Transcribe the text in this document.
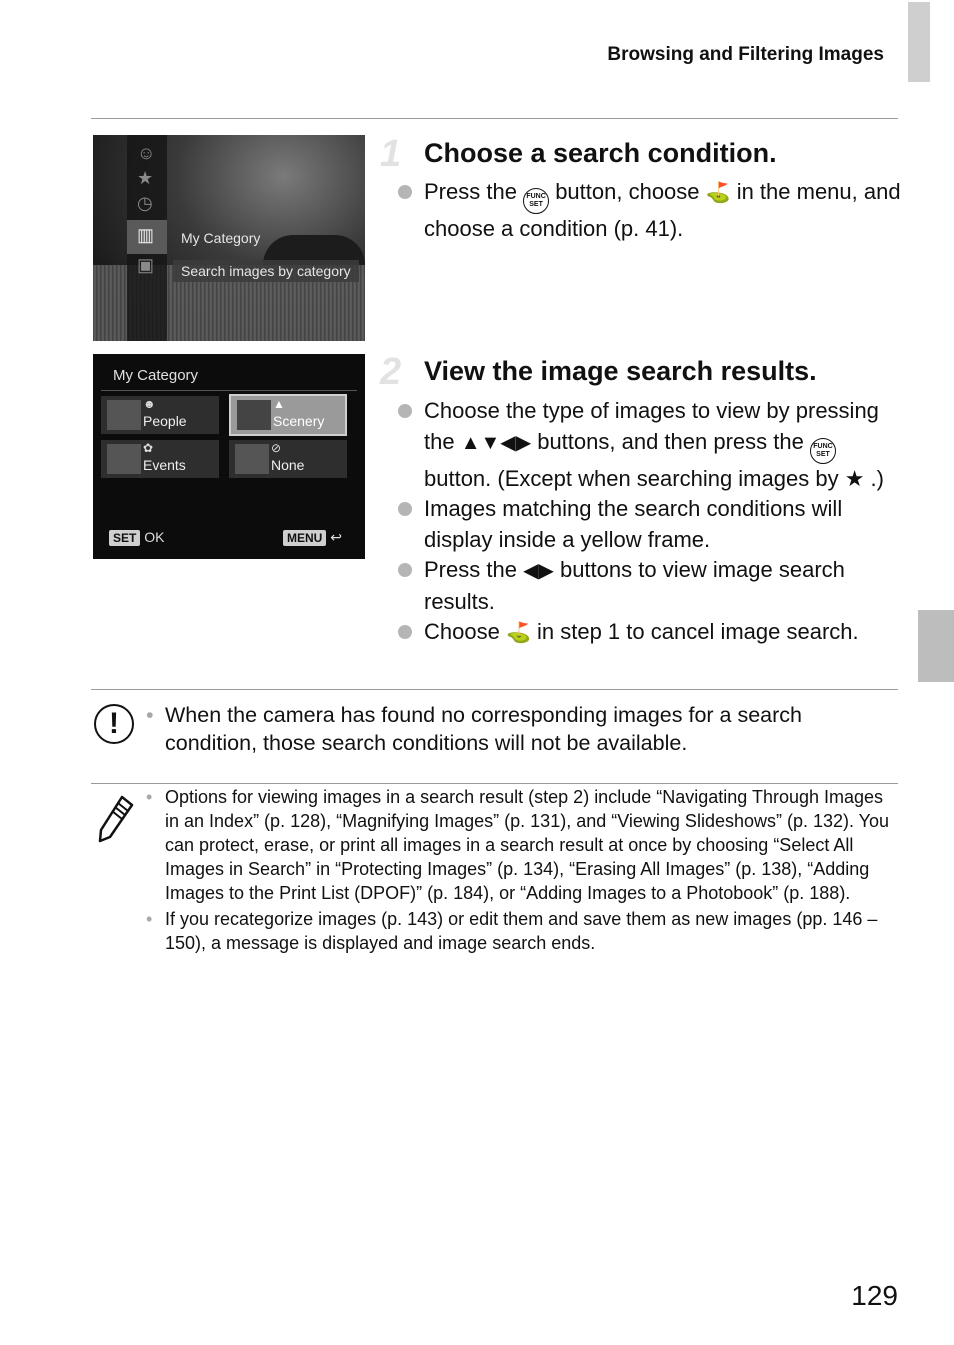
Browsing and Filtering Images
☺
★
◷
▥
▣
My Category
Search images by category
1 Choose a search condition.
Press the FUNC
SET button, choose ⛳ in the menu, and choose a condition (p. 41).
My Category
☻
People
▲
Scenery
✿
Events
⊘
None
SET OK	MENU ↩
2 View the image search results.
Choose the type of images to view by pressing the ▲▼◀▶ buttons, and then press the FUNC
SET button. (Except when searching images by ★ .)
Images matching the search conditions will display inside a yellow frame.
Press the ◀▶ buttons to view image search results.
Choose ⛳ in step 1 to cancel image search.
!	• When the camera has found no corresponding images for a search condition, those search conditions will not be available.
• Options for viewing images in a search result (step 2) include “Navigating Through Images in an Index” (p. 128), “Magnifying Images” (p. 131), and “Viewing Slideshows” (p. 132). You can protect, erase, or print all images in a search result at once by choosing “Select All Images in Search” in “Protecting Images” (p. 134), “Erasing All Images” (p. 138), “Adding Images to the Print List (DPOF)” (p. 184), or “Adding Images to a Photobook” (p. 188).
• If you recategorize images (p. 143) or edit them and save them as new images (pp. 146 – 150), a message is displayed and image search ends.
129
